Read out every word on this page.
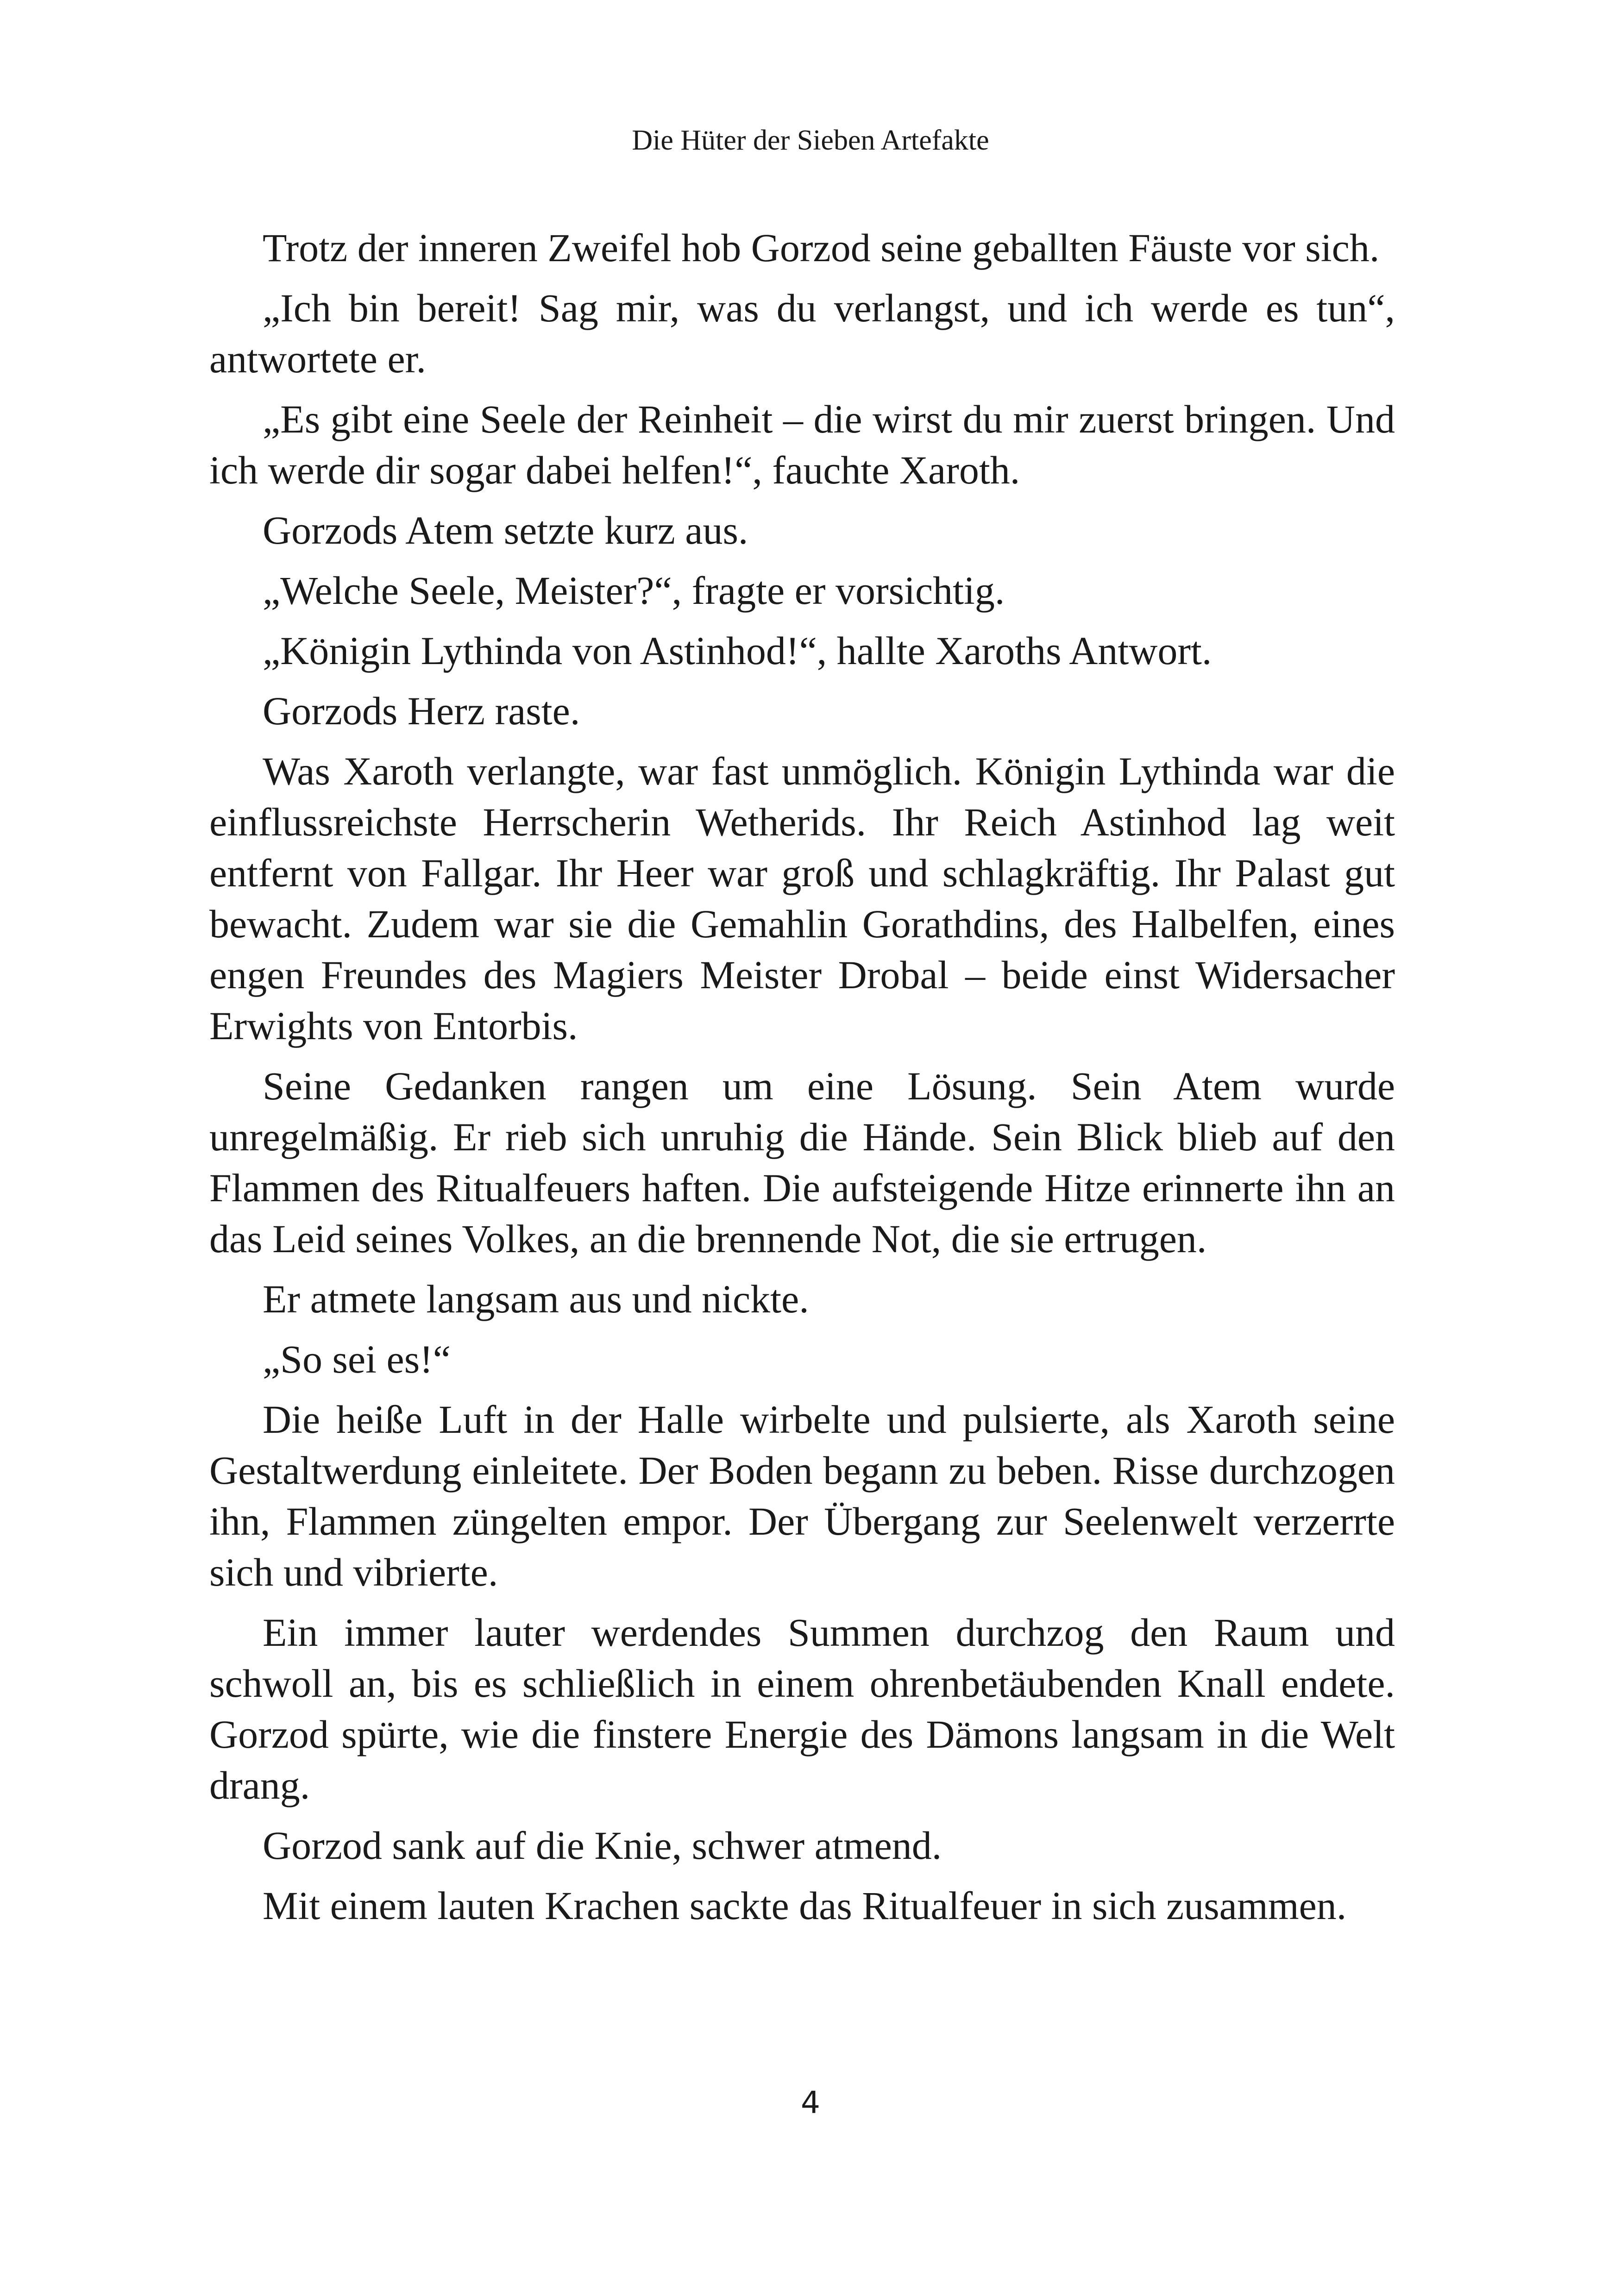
Die Hüter der Sieben Artefakte

Trotz der inneren Zweifel hob Gorzod seine geballten Fäuste vor sich.

„Ich bin bereit! Sag mir, was du verlangst, und ich werde es tun“, antwortete er.

„Es gibt eine Seele der Reinheit – die wirst du mir zuerst bringen. Und ich werde dir sogar dabei helfen!“, fauchte Xaroth.

Gorzods Atem setzte kurz aus.

„Welche Seele, Meister?“, fragte er vorsichtig.

„Königin Lythinda von Astinhod!“, hallte Xaroths Antwort.

Gorzods Herz raste.

Was Xaroth verlangte, war fast unmöglich. Königin Lythinda war die einflussreichste Herrscherin Wetherids. Ihr Reich Astinhod lag weit entfernt von Fallgar. Ihr Heer war groß und schlagkräftig. Ihr Palast gut bewacht. Zudem war sie die Gemahlin Gorathdins, des Halbelfen, eines engen Freundes des Magiers Meister Drobal – beide einst Widersacher Erwights von Entorbis.

Seine Gedanken rangen um eine Lösung. Sein Atem wurde unregelmäßig. Er rieb sich unruhig die Hände. Sein Blick blieb auf den Flammen des Ritualfeuers haften. Die aufsteigende Hitze erinnerte ihn an das Leid seines Volkes, an die brennende Not, die sie ertrugen.

Er atmete langsam aus und nickte.

„So sei es!“

Die heiße Luft in der Halle wirbelte und pulsierte, als Xaroth seine Gestaltwerdung einleitete. Der Boden begann zu beben. Risse durchzogen ihn, Flammen züngelten empor. Der Übergang zur Seelenwelt verzerrte sich und vibrierte.

Ein immer lauter werdendes Summen durchzog den Raum und schwoll an, bis es schließlich in einem ohrenbetäubenden Knall endete. Gorzod spürte, wie die finstere Energie des Dämons langsam in die Welt drang.

Gorzod sank auf die Knie, schwer atmend.

Mit einem lauten Krachen sackte das Ritualfeuer in sich zusammen.

4
